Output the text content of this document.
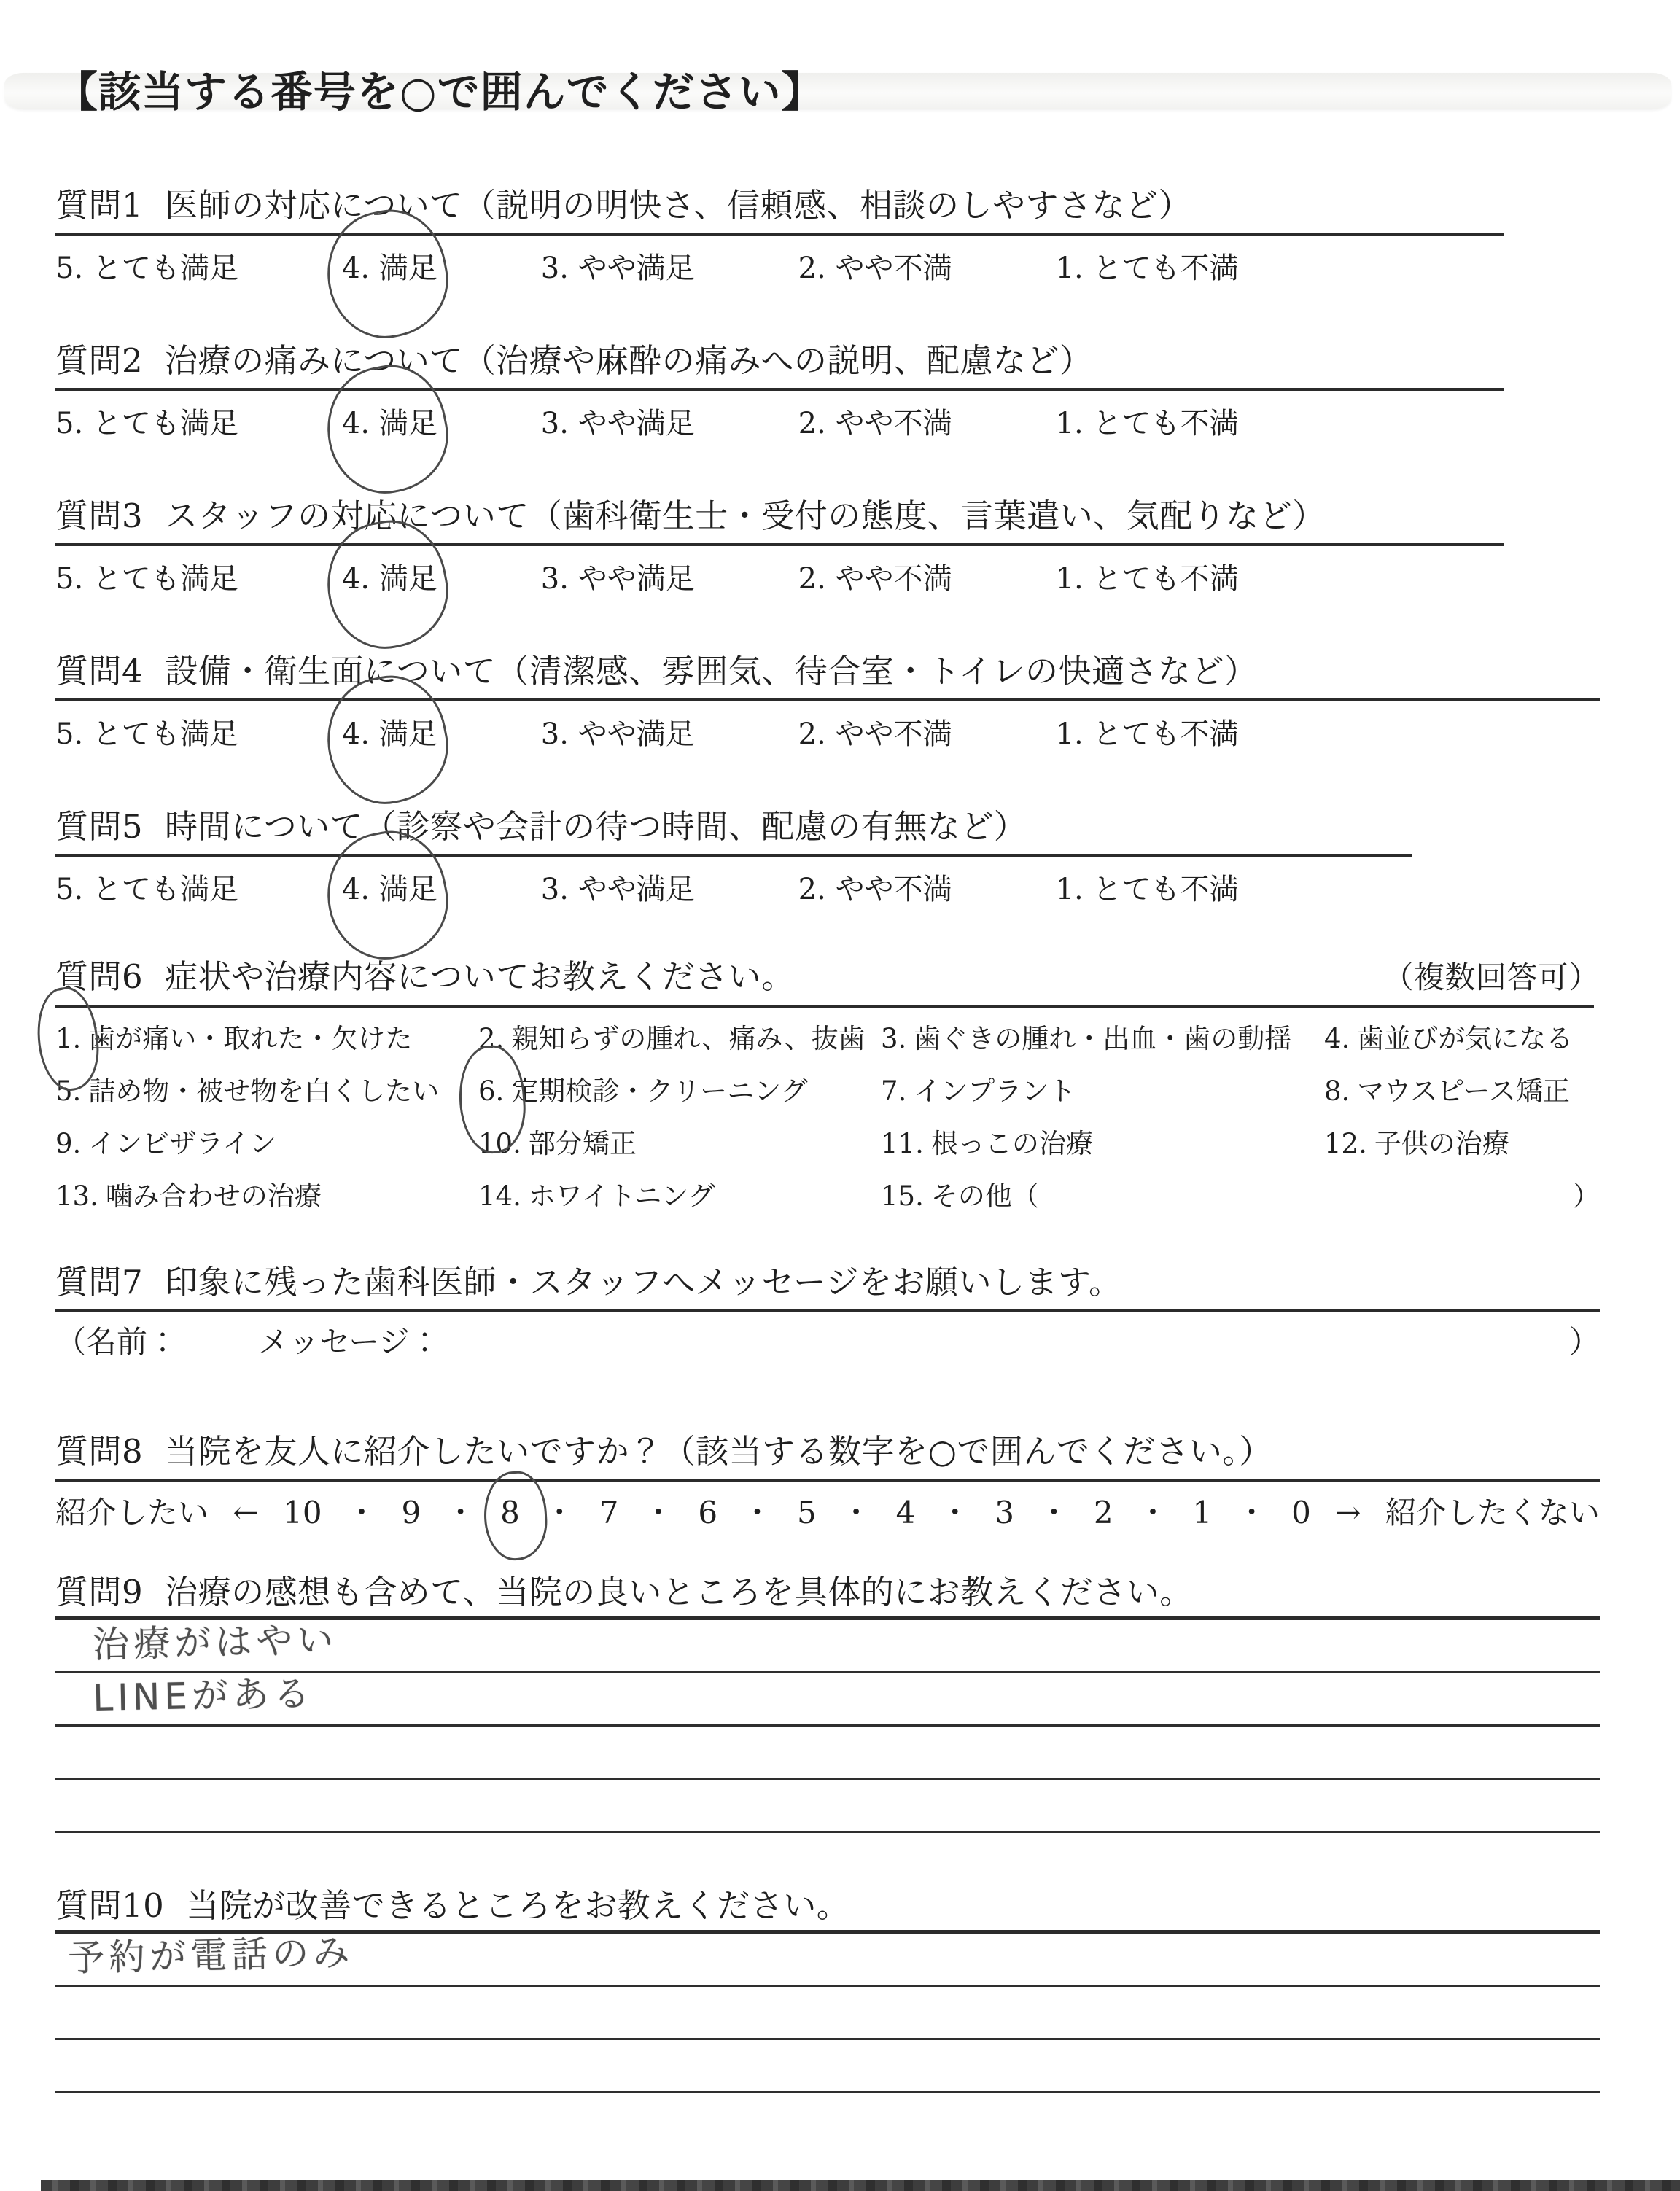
【該当する番号を○で囲んでください】
質問1 医師の対応について（説明の明快さ、信頼感、相談のしやすさなど）
5. とても満足	4. 満足	3. やや満足	2. やや不満	1. とても不満
質問2 治療の痛みについて（治療や麻酔の痛みへの説明、配慮など）
5. とても満足	4. 満足	3. やや満足	2. やや不満	1. とても不満
質問3 スタッフの対応について（歯科衛生士・受付の態度、言葉遣い、気配りなど）
5. とても満足	4. 満足	3. やや満足	2. やや不満	1. とても不満
質問4 設備・衛生面について（清潔感、雰囲気、待合室・トイレの快適さなど）
5. とても満足	4. 満足	3. やや満足	2. やや不満	1. とても不満
質問5 時間について（診察や会計の待つ時間、配慮の有無など）
5. とても満足	4. 満足	3. やや満足	2. やや不満	1. とても不満
質問6 症状や治療内容についてお教えください。	（複数回答可）
1. 歯が痛い・取れた・欠けた	2. 親知らずの腫れ、痛み、抜歯 3. 歯ぐきの腫れ・出血・歯の動揺	4. 歯並びが気になる
5. 詰め物・被せ物を白くしたい	6. 定期検診・クリーニング	7. インプラント	8. マウスピース矯正
9. インビザライン	10. 部分矯正	11. 根っこの治療	12. 子供の治療
13. 噛み合わせの治療	14. ホワイトニング	15. その他（	）
質問7 印象に残った歯科医師・スタッフへメッセージをお願いします。
（名前：	メッセージ：	）
質問8 当院を友人に紹介したいですか？（該当する数字を○で囲んでください。）
紹介したい ← 10 ・ 9 ・ 8 ・ 7 ・ 6 ・ 5 ・ 4 ・ 3 ・ 2 ・ 1 ・ 0 → 紹介したくない
質問9 治療の感想も含めて、当院の良いところを具体的にお教えください。
治療がはやい
LINEがある
質問10 当院が改善できるところをお教えください。
予約が電話のみ
